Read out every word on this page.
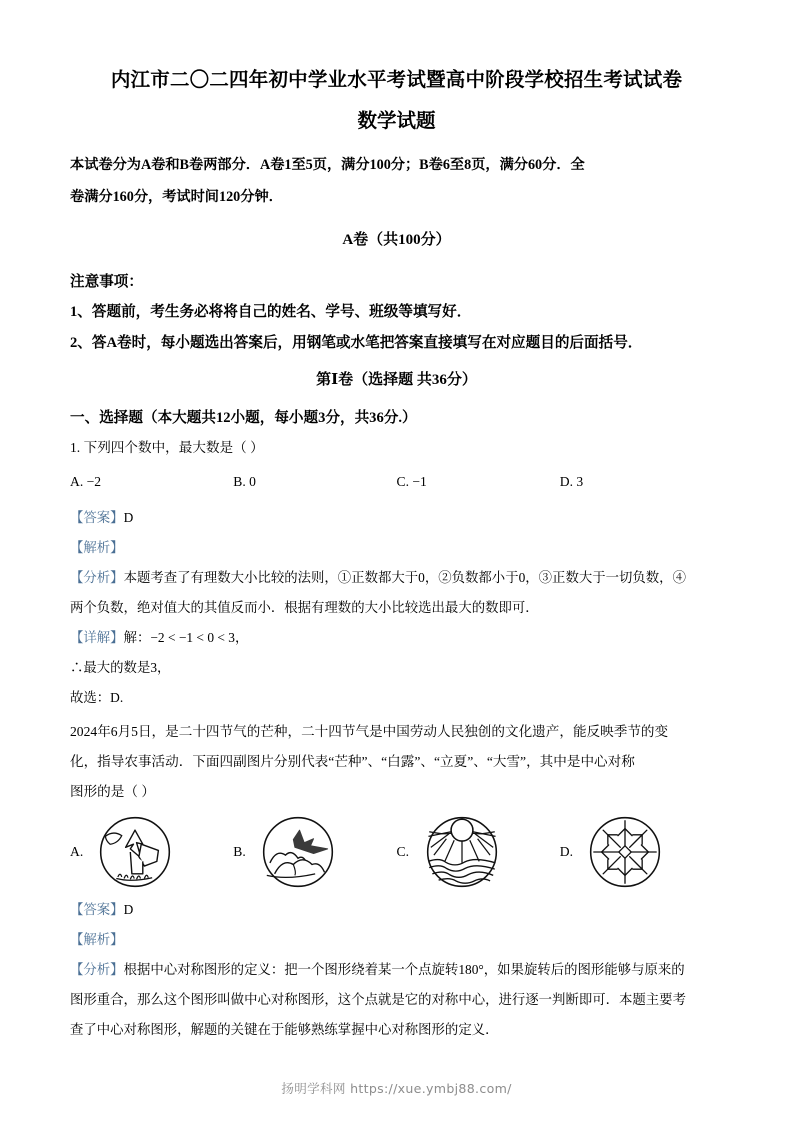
内江市二〇二四年初中学业水平考试暨高中阶段学校招生考试试卷
数学试题

本试卷分为A卷和B卷两部分．A卷1至5页，满分100分；B卷6至8页，满分60分．全

卷满分160分，考试时间120分钟．

A卷（共100分）

注意事项：

1、答题前，考生务必将将自己的姓名、学号、班级等填写好．

2、答A卷时，每小题选出答案后，用钢笔或水笔把答案直接填写在对应题目的后面括号．

第Ⅰ卷（选择题 共36分）

一、选择题（本大题共12小题，每小题3分，共36分.）

1. 下列四个数中，最大数是（ ）

A. −2	B. 0	C. −1	D. 3

【答案】D

【解析】

【分析】本题考查了有理数大小比较的法则，①正数都大于0，②负数都小于0，③正数大于一切负数，④

两个负数，绝对值大的其值反而小．根据有理数的大小比较选出最大的数即可．

【详解】解：−2 < −1 < 0 < 3，

∴最大的数是3，

故选：D.

2024年6月5日，是二十四节气的芒种，二十四节气是中国劳动人民独创的文化遗产，能反映季节的变

化，指导农事活动．下面四副图片分别代表“芒种”、“白露”、“立夏”、“大雪”，其中是中心对称

图形的是（ ）

A.	B.	C.	D.

【答案】D

【解析】

【分析】根据中心对称图形的定义：把一个图形绕着某一个点旋转180°，如果旋转后的图形能够与原来的

图形重合，那么这个图形叫做中心对称图形，这个点就是它的对称中心，进行逐一判断即可．本题主要考

查了中心对称图形，解题的关键在于能够熟练掌握中心对称图形的定义．

扬明学科网 https://xue.ymbj88.com/
